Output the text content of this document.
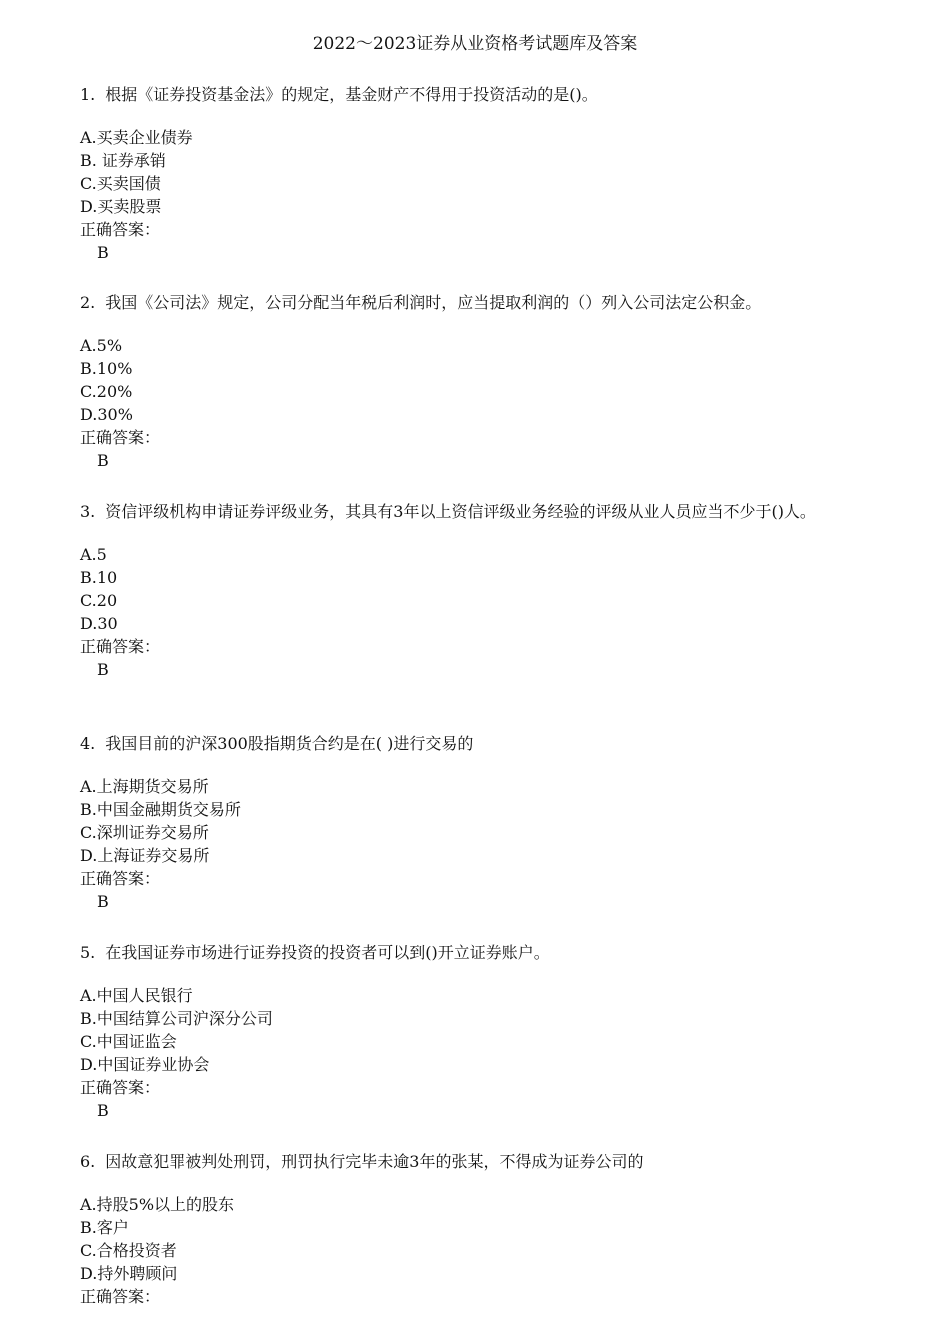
2022～2023证券从业资格考试题库及答案
1. 根据《证券投资基金法》的规定，基金财产不得用于投资活动的是()。
A.买卖企业债券
B. 证券承销
C.买卖国债
D.买卖股票
正确答案：
B
2. 我国《公司法》规定，公司分配当年税后利润时，应当提取利润的（）列入公司法定公积金。
A.5%
B.10%
C.20%
D.30%
正确答案：
B
3. 资信评级机构申请证券评级业务，其具有3年以上资信评级业务经验的评级从业人员应当不少于()人。
A.5
B.10
C.20
D.30
正确答案：
B
4. 我国目前的沪深300股指期货合约是在( )进行交易的
A.上海期货交易所
B.中国金融期货交易所
C.深圳证券交易所
D.上海证券交易所
正确答案：
B
5. 在我国证券市场进行证券投资的投资者可以到()开立证券账户。
A.中国人民银行
B.中国结算公司沪深分公司
C.中国证监会
D.中国证券业协会
正确答案：
B
6. 因故意犯罪被判处刑罚，刑罚执行完毕未逾3年的张某，不得成为证券公司的
A.持股5%以上的股东
B.客户
C.合格投资者
D.持外聘顾问
正确答案：
